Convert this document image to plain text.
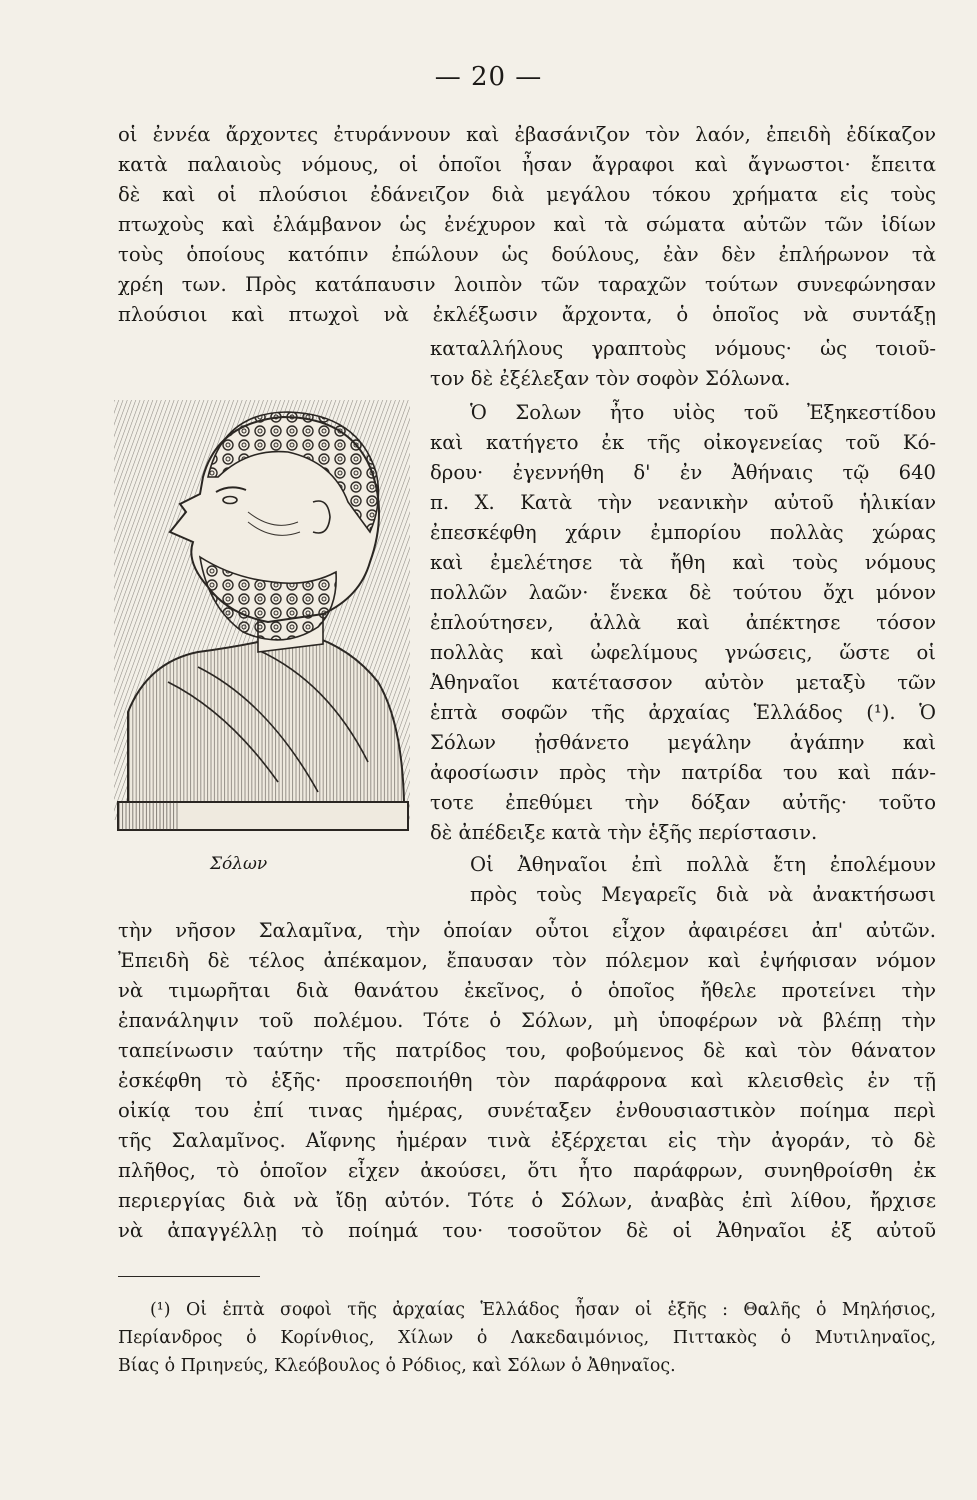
— 20 —
οἱ ἐννέα ἄρχοντες ἐτυράννουν καὶ ἐβασάνιζον τὸν λαόν, ἐπειδὴ ἐδίκαζον
κατὰ παλαιοὺς νόμους, οἱ ὁποῖοι ἦσαν ἄγραφοι καὶ ἄγνωστοι· ἔπειτα
δὲ καὶ οἱ πλούσιοι ἐδάνειζον διὰ μεγάλου τόκου χρήματα εἰς τοὺς
πτωχοὺς καὶ ἐλάμβανον ὡς ἐνέχυρον καὶ τὰ σώματα αὐτῶν τῶν ἰδίων
τοὺς ὁποίους κατόπιν ἐπώλουν ὡς δούλους, ἐὰν δὲν ἐπλήρωνον τὰ
χρέη των. Πρὸς κατάπαυσιν λοιπὸν τῶν ταραχῶν τούτων συνεφώνησαν
πλούσιοι καὶ πτωχοὶ νὰ ἐκλέξωσιν ἄρχοντα, ὁ ὁποῖος νὰ συντάξῃ
καταλλήλους γραπτοὺς νόμους· ὡς τοιοῦ-
τον δὲ ἐξέλεξαν τὸν σοφὸν Σόλωνα.
Ὁ Σολων ἦτο υἱὸς τοῦ Ἐξηκεστίδου
καὶ κατήγετο ἐκ τῆς οἰκογενείας τοῦ Κό-
δρου· ἐγεννήθη δ' ἐν Ἀθήναις τῷ 640
π. Χ. Κατὰ τὴν νεανικὴν αὐτοῦ ἡλικίαν
ἐπεσκέφθη χάριν ἐμπορίου πολλὰς χώρας
καὶ ἐμελέτησε τὰ ἤθη καὶ τοὺς νόμους
πολλῶν λαῶν· ἕνεκα δὲ τούτου ὄχι μόνον
ἐπλούτησεν, ἀλλὰ καὶ ἀπέκτησε τόσον
πολλὰς καὶ ὠφελίμους γνώσεις, ὥστε οἱ
Ἀθηναῖοι κατέτασσον αὐτὸν μεταξὺ τῶν
ἑπτὰ σοφῶν τῆς ἀρχαίας Ἑλλάδος (¹). Ὁ
Σόλων ᾐσθάνετο μεγάλην ἀγάπην καὶ
ἀφοσίωσιν πρὸς τὴν πατρίδα του καὶ πάν-
τοτε ἐπεθύμει τὴν δόξαν αὐτῆς· τοῦτο
δὲ ἀπέδειξε κατὰ τὴν ἑξῆς περίστασιν.
Οἱ Ἀθηναῖοι ἐπὶ πολλὰ ἔτη ἐπολέμουν
πρὸς τοὺς Μεγαρεῖς διὰ νὰ ἀνακτήσωσι
Σόλων
τὴν νῆσον Σαλαμῖνα, τὴν ὁποίαν οὗτοι εἶχον ἀφαιρέσει ἀπ' αὐτῶν.
Ἐπειδὴ δὲ τέλος ἀπέκαμον, ἔπαυσαν τὸν πόλεμον καὶ ἐψήφισαν νόμον
νὰ τιμωρῆται διὰ θανάτου ἐκεῖνος, ὁ ὁποῖος ἤθελε προτείνει τὴν
ἐπανάληψιν τοῦ πολέμου. Τότε ὁ Σόλων, μὴ ὑποφέρων νὰ βλέπῃ τὴν
ταπείνωσιν ταύτην τῆς πατρίδος του, φοβούμενος δὲ καὶ τὸν θάνατον
ἐσκέφθη τὸ ἑξῆς· προσεποιήθη τὸν παράφρονα καὶ κλεισθεὶς ἐν τῇ
οἰκίᾳ του ἐπί τινας ἡμέρας, συνέταξεν ἐνθουσιαστικὸν ποίημα περὶ
τῆς Σαλαμῖνος. Αἴφνης ἡμέραν τινὰ ἐξέρχεται εἰς τὴν ἀγοράν, τὸ δὲ
πλῆθος, τὸ ὁποῖον εἶχεν ἀκούσει, ὅτι ἦτο παράφρων, συνηθροίσθη ἐκ
περιεργίας διὰ νὰ ἴδῃ αὐτόν. Τότε ὁ Σόλων, ἀναβὰς ἐπὶ λίθου, ἤρχισε
νὰ ἀπαγγέλλῃ τὸ ποίημά του· τοσοῦτον δὲ οἱ Ἀθηναῖοι ἐξ αὐτοῦ
(¹) Οἱ ἑπτὰ σοφοὶ τῆς ἀρχαίας Ἑλλάδος ἦσαν οἱ ἑξῆς : Θαλῆς ὁ Μηλήσιος,
Περίανδρος ὁ Κορίνθιος, Χίλων ὁ Λακεδαιμόνιος, Πιττακὸς ὁ Μυτιληναῖος,
Βίας ὁ Πριηνεύς, Κλεόβουλος ὁ Ρόδιος, καὶ Σόλων ὁ Ἀθηναῖος.
